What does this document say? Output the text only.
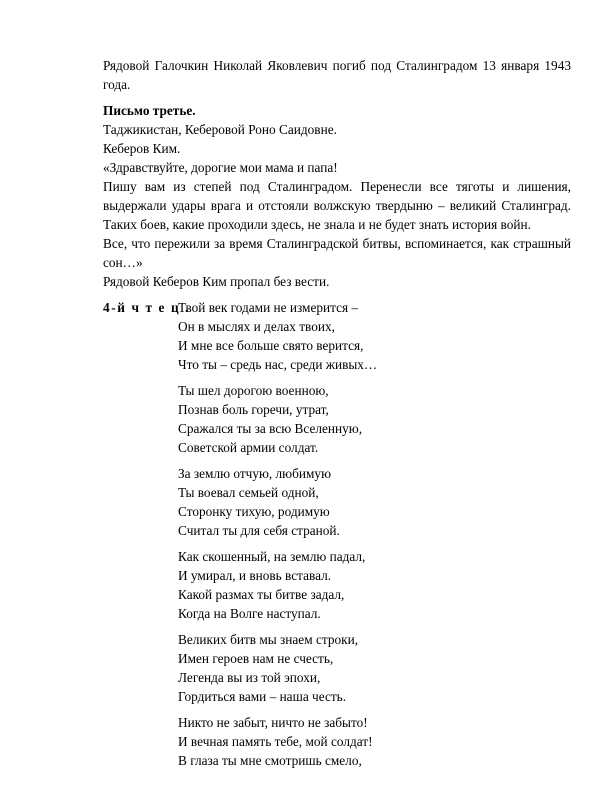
Рядовой Галочкин Николай Яковлевич погиб под Сталинградом 13 января 1943 года.

Письмо третье.

Таджикистан, Кеберовой Роно Саидовне.

Кеберов Ким.

«Здравствуйте, дорогие мои мама и папа!

Пишу вам из степей под Сталинградом. Перенесли все тяготы и лишения, выдержали удары врага и отстояли волжскую твердыню – великий Сталинград. Таких боев, какие проходили здесь, не знала и не будет знать история войн.

Все, что пережили за время Сталинградской битвы, вспоминается, как страшный сон…»

Рядовой Кеберов Ким пропал без вести.

4-й ч т е ц .
Твой век годами не измерится –

Он в мыслях и делах твоих,

И мне все больше свято верится,

Что ты – средь нас, среди живых…

Ты шел дорогою военною,

Познав боль горечи, утрат,

Сражался ты за всю Вселенную,

Советской армии солдат.

За землю отчую, любимую

Ты воевал семьей одной,

Сторонку тихую, родимую

Считал ты для себя страной.

Как скошенный, на землю падал,

И умирал, и вновь вставал.

Какой размах ты битве задал,

Когда на Волге наступал.

Великих битв мы знаем строки,

Имен героев нам не счесть,

Легенда вы из той эпохи,

Гордиться вами – наша честь.

Никто не забыт, ничто не забыто!

И вечная память тебе, мой солдат!

В глаза ты мне смотришь смело,
